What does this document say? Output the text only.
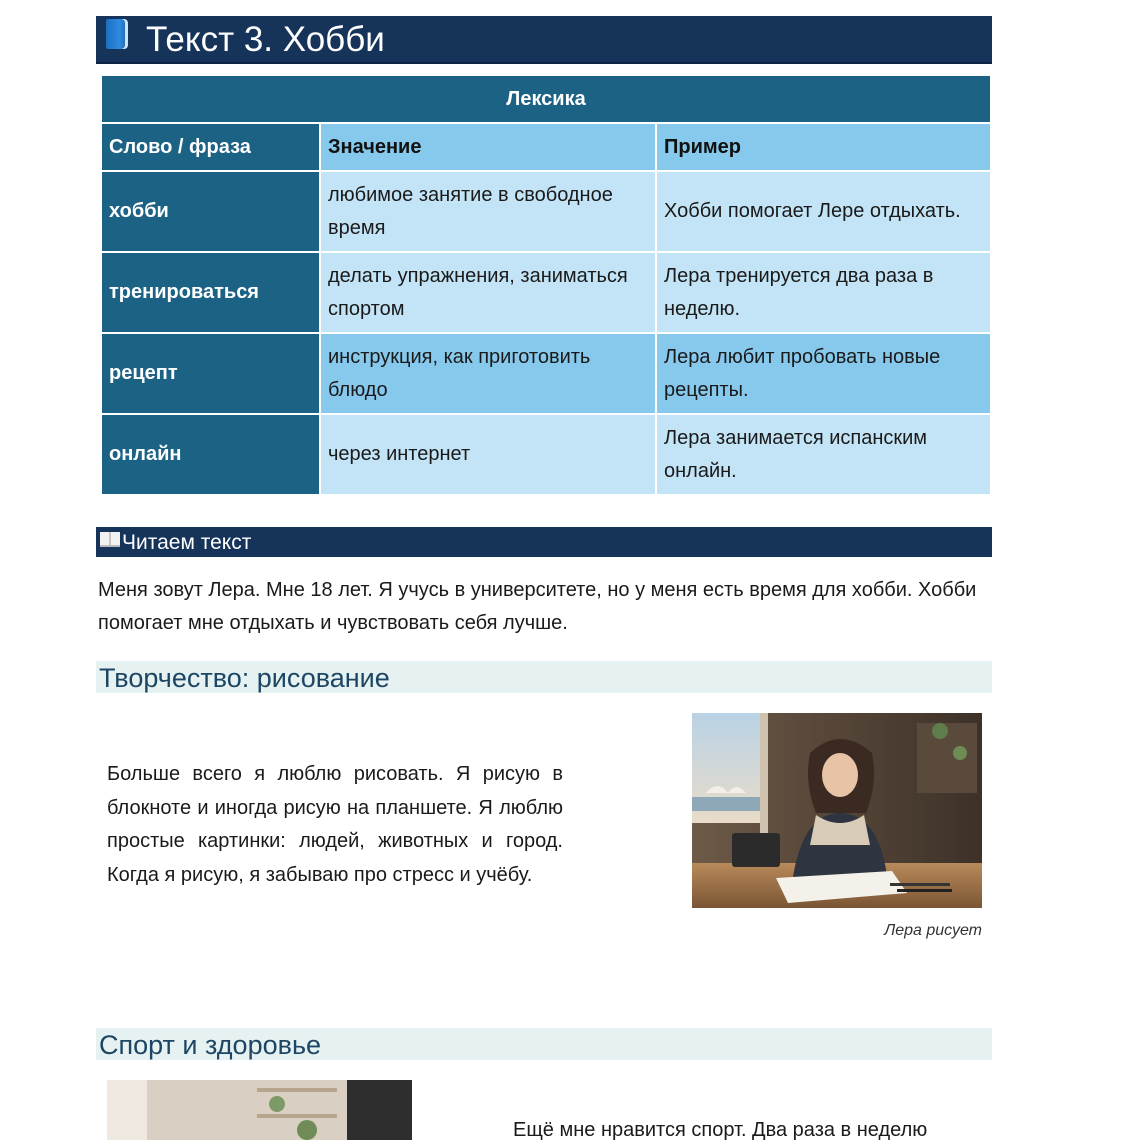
Текст 3. Хобби
Лексика		
Слово / фраза	Значение	Пример
хобби	любимое занятие в свободное время	Хобби помогает Лере отдыхать.
тренироваться	делать упражнения, заниматься спортом	Лера тренируется два раза в неделю.
рецепт	инструкция, как приготовить блюдо	Лера любит пробовать новые рецепты.
онлайн	через интернет	Лера занимается испанским онлайн.
Читаем текст
Меня зовут Лера. Мне 18 лет. Я учусь в университете, но у меня есть время для хобби. Хобби помогает мне отдыхать и чувствовать себя лучше.
Творчество: рисование
Больше всего я люблю рисовать. Я рисую в блокноте и иногда рисую на планшете. Я люблю простые картинки: людей, животных и город. Когда я рисую, я забываю про стресс и учёбу.
Лера рисует
Спорт и здоровье
Ещё мне нравится спорт. Два раза в неделю
